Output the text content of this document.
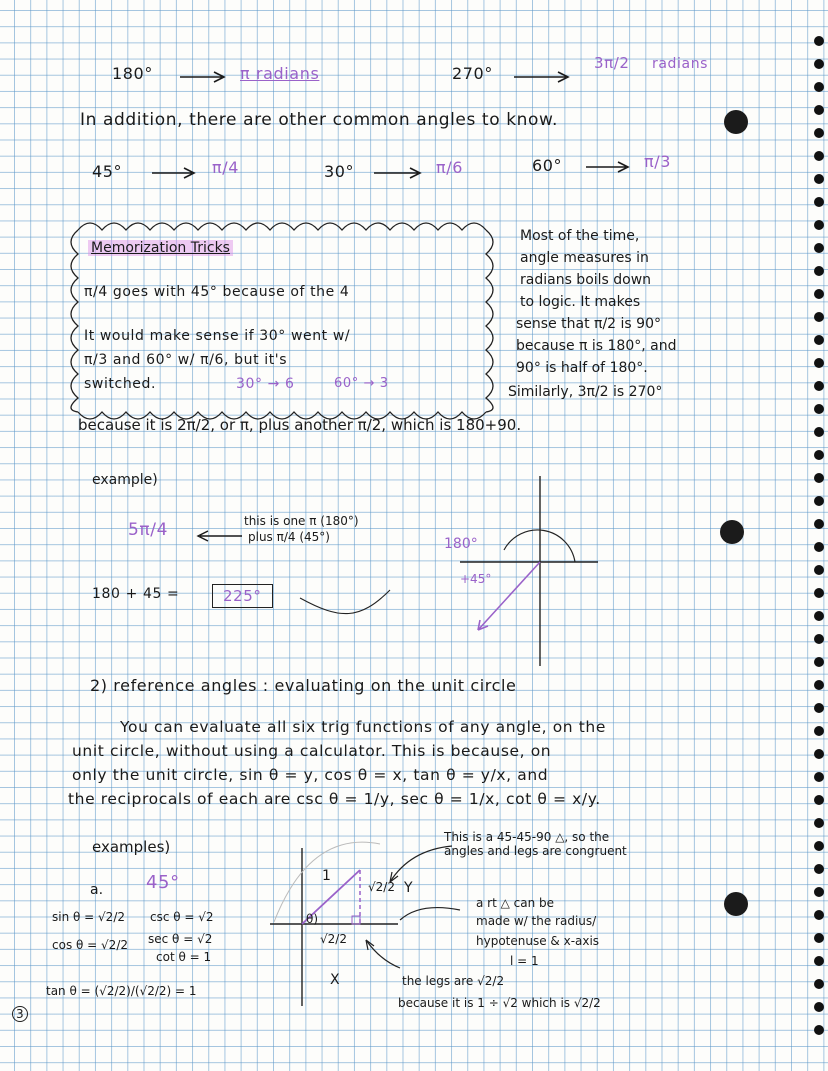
180°	π radians	270°
3π/2 radians
In addition, there are other common angles to know.
45°	π/4	30°	π/6	60°	π/3
Memorization Tricks
π/4 goes with 45° because of the 4
It would make sense if 30° went w/
π/3 and 60° w/ π/6, but it's
switched.	30° → 6	60° → 3
Most of the time,
angle measures in
radians boils down
to logic. It makes
sense that π/2 is 90°
because π is 180°, and
90° is half of 180°.
Similarly, 3π/2 is 270°
because it is 2π/2, or π, plus another π/2, which is 180+90.
example)
5π/4	this is one π (180°)
plus π/4 (45°)
180 + 45 =	225°
180°
+45°
2) reference angles : evaluating on the unit circle
You can evaluate all six trig functions of any angle, on the
unit circle, without using a calculator. This is because, on
only the unit circle, sin θ = y, cos θ = x, tan θ = y/x, and
the reciprocals of each are csc θ = 1/y, sec θ = 1/x, cot θ = x/y.
examples)
This is a 45-45-90 △, so the
angles and legs are congruent
a. 45°
sin θ = √2/2 csc θ = √2
cos θ = √2/2 sec θ = √2
cot θ = 1
tan θ = (√2/2)/(√2/2) = 1
1
√2/2 Y
θ)
√2/2
X
a rt △ can be
made w/ the radius/
hypotenuse & x-axis
l = 1
the legs are √2/2
because it is 1 ÷ √2 which is √2/2
3
